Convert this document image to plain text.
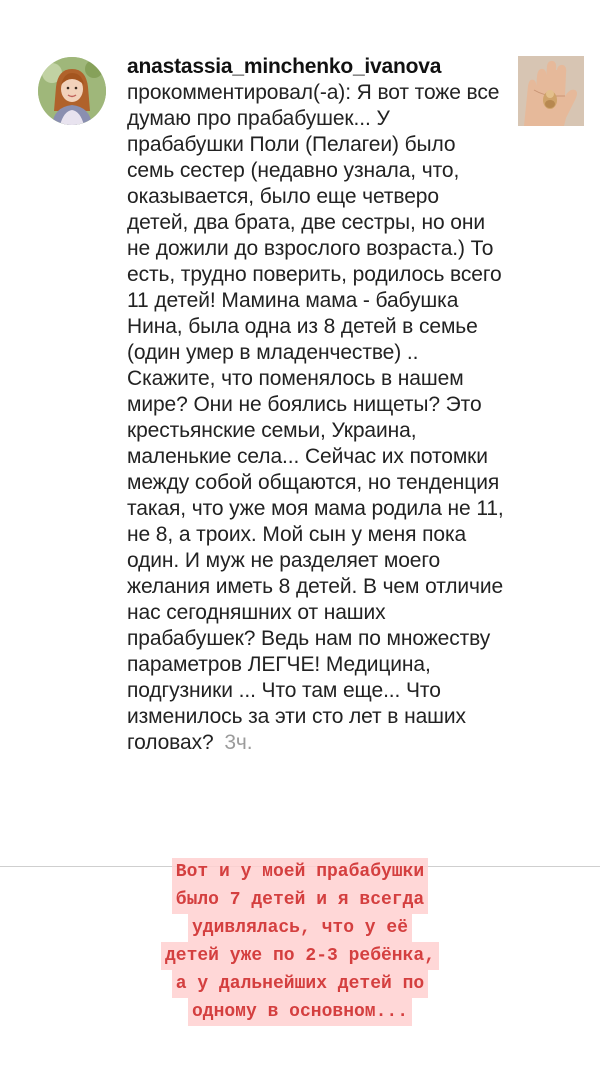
anastassia_minchenko_ivanova
прокомментировал(-а): Я вот тоже все думаю про прабабушек... У прабабушки Поли (Пелагеи) было семь сестер (недавно узнала, что, оказывается, было еще четверо детей, два брата, две сестры, но они не дожили до взрослого возраста.) То есть, трудно поверить, родилось всего 11 детей! Мамина мама - бабушка Нина, была одна из 8 детей в семье (один умер в младенчестве) .. Скажите, что поменялось в нашем мире? Они не боялись нищеты? Это крестьянские семьи, Украина, маленькие села... Сейчас их потомки между собой общаются, но тенденция такая, что уже моя мама родила не 11, не 8, а троих. Мой сын у меня пока один. И муж не разделяет моего желания иметь 8 детей. В чем отличие нас сегодняшних от наших прабабушек? Ведь нам по множеству параметров ЛЕГЧЕ! Медицина, подгузники ... Что там еще... Что изменилось за эти сто лет в наших головах? 3ч.
Вот и у моей прабабушки
было 7 детей и я всегда
удивлялась, что у её
детей уже по 2-3 ребёнка,
а у дальнейших детей по
одному в основном...
